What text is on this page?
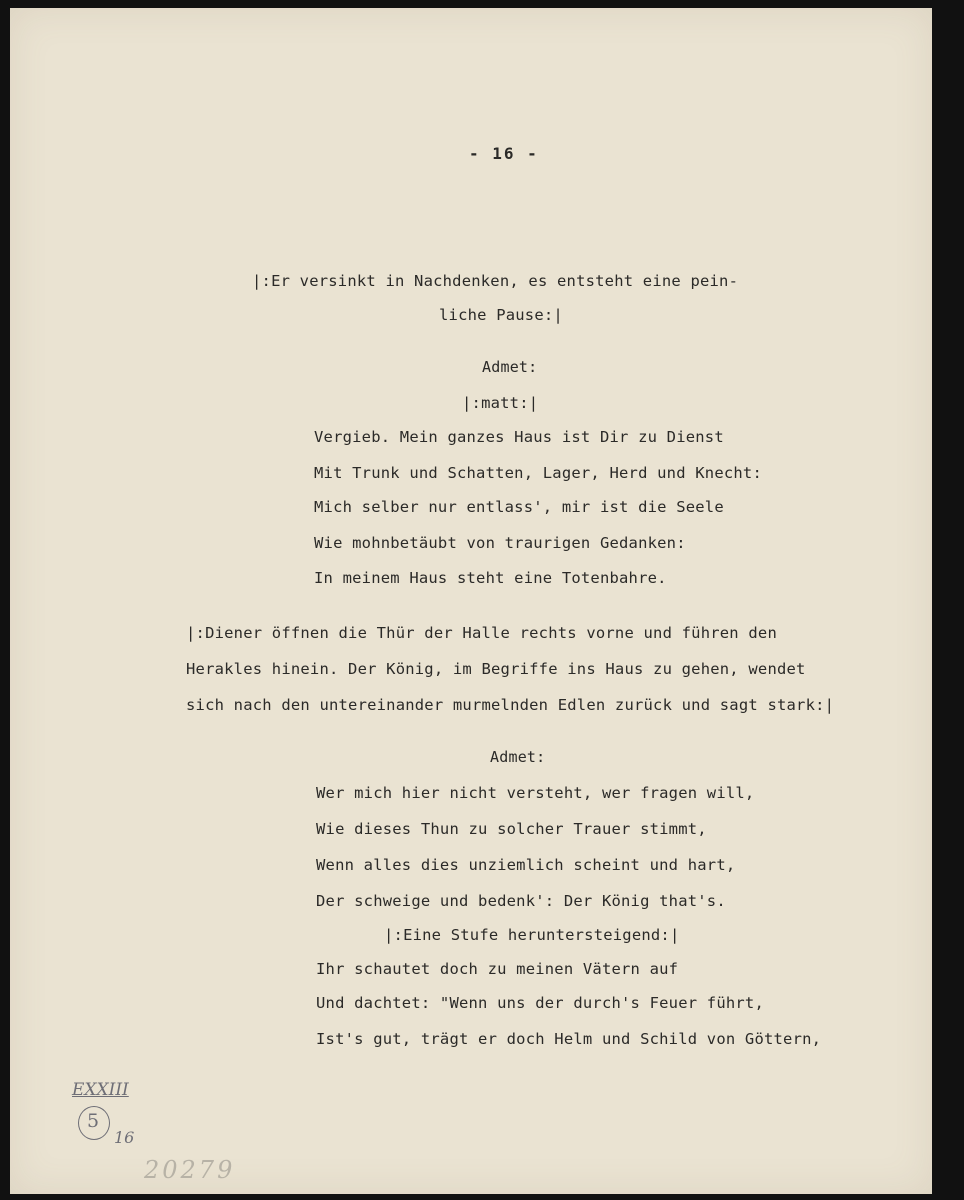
- 16 -
|:Er versinkt in Nachdenken, es entsteht eine pein-
liche Pause:|
Admet:
|:matt:|
Vergieb. Mein ganzes Haus ist Dir zu Dienst
Mit Trunk und Schatten, Lager, Herd und Knecht:
Mich selber nur entlass', mir ist die Seele
Wie mohnbetäubt von traurigen Gedanken:
In meinem Haus steht eine Totenbahre.
|:Diener öffnen die Thür der Halle rechts vorne und führen den
Herakles hinein. Der König, im Begriffe ins Haus zu gehen, wendet
sich nach den untereinander murmelnden Edlen zurück und sagt stark:|
Admet:
Wer mich hier nicht versteht, wer fragen will,
Wie dieses Thun zu solcher Trauer stimmt,
Wenn alles dies unziemlich scheint und hart,
Der schweige und bedenk': Der König that's.
|:Eine Stufe heruntersteigend:|
Ihr schautet doch zu meinen Vätern auf
Und dachtet: "Wenn uns der durch's Feuer führt,
Ist's gut, trägt er doch Helm und Schild von Göttern,
EXXIII
5
16
20279
